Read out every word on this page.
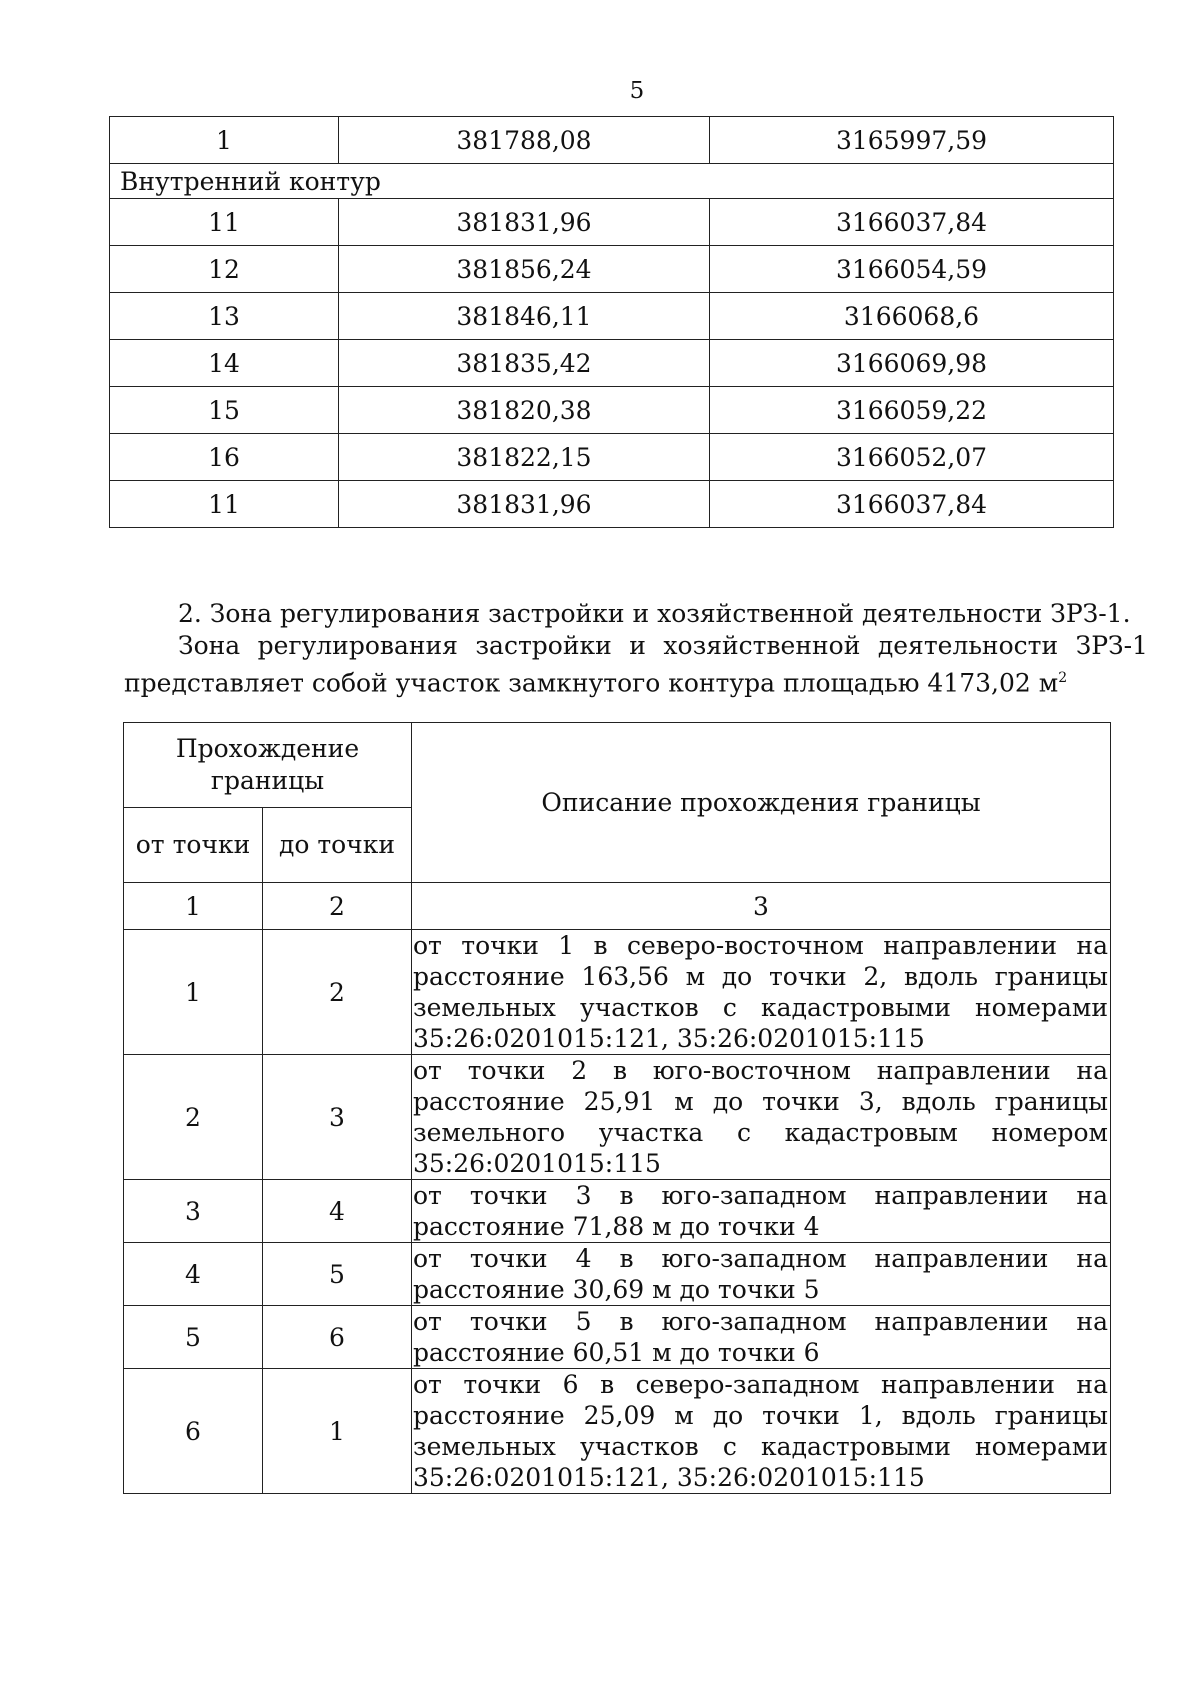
5
1	381788,08	3165997,59
Внутренний контур		
11	381831,96	3166037,84
12	381856,24	3166054,59
13	381846,11	3166068,6
14	381835,42	3166069,98
15	381820,38	3166059,22
16	381822,15	3166052,07
11	381831,96	3166037,84
2. Зона регулирования застройки и хозяйственной деятельности ЗРЗ-1.
Зона регулирования застройки и хозяйственной деятельности ЗРЗ-1
представляет собой участок замкнутого контура площадью 4173,02 $м^2$
Прохождение границы		Описание прохождения границы
от точки	до точки	
1	2	3
1	2	от точки 1 в северо-восточном направлении на расстояние 163,56 м до точки 2, вдоль границы земельных участков с кадастровыми номерами 35:26:0201015:121, 35:26:0201015:115
2	3	от точки 2 в юго-восточном направлении на расстояние 25,91 м до точки 3, вдоль границы земельного участка с кадастровым номером 35:26:0201015:115
3	4	от точки 3 в юго-западном направлении на расстояние 71,88 м до точки 4
4	5	от точки 4 в юго-западном направлении на расстояние 30,69 м до точки 5
5	6	от точки 5 в юго-западном направлении на расстояние 60,51 м до точки 6
6	1	от точки 6 в северо-западном направлении на расстояние 25,09 м до точки 1, вдоль границы земельных участков с кадастровыми номерами 35:26:0201015:121, 35:26:0201015:115
